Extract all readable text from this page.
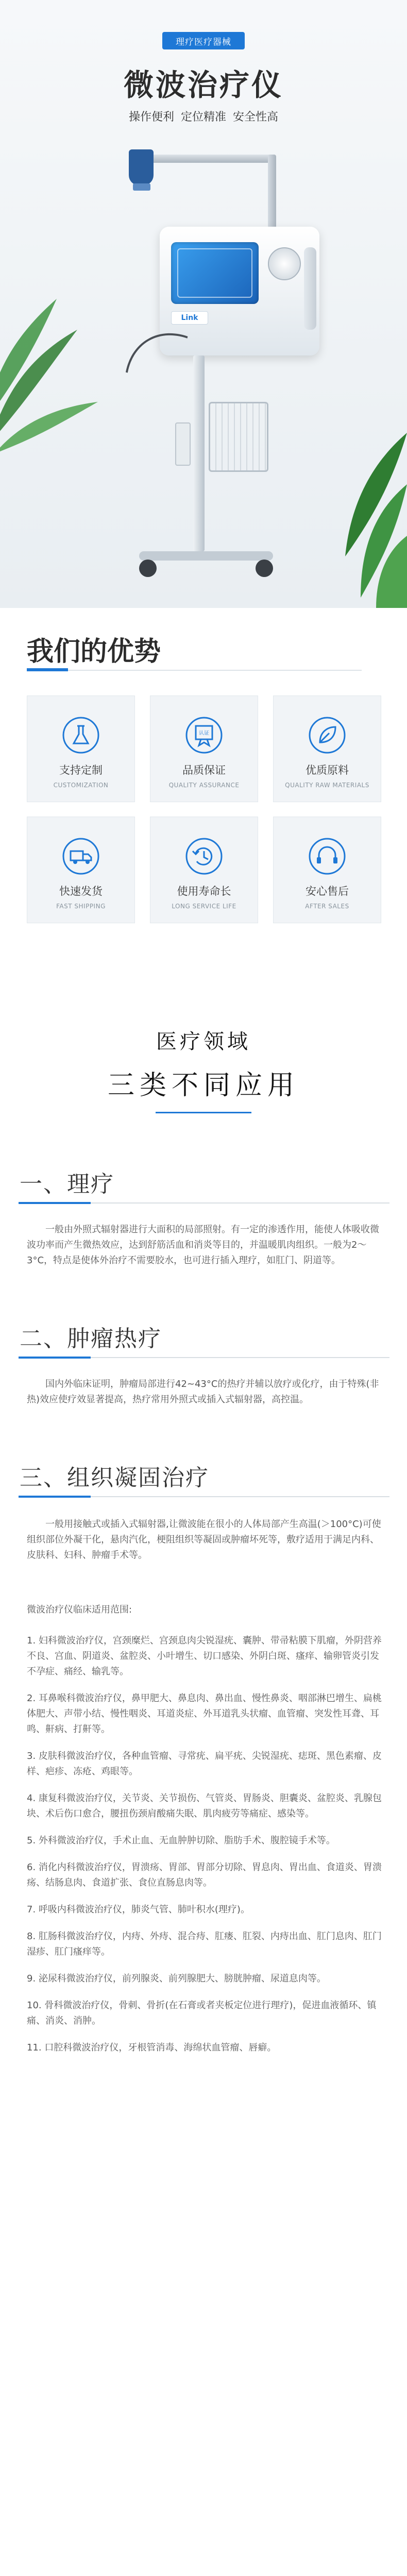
理疗医疗器械
微波治疗仪
操作便利 定位精准 安全性高
Link
我们的优势
支持定制
CUSTOMIZATION
认证
品质保证
QUALITY ASSURANCE
优质原料
QUALITY RAW MATERIALS
快速发货
FAST SHIPPING
使用寿命长
LONG SERVICE LIFE
安心售后
AFTER SALES
医疗领域
三类不同应用
一、理疗
一般由外照式辐射器进行大面积的局部照射。有一定的渗透作用，能使人体吸收微波功率而产生微热效应，达到舒筋活血和消炎等目的，并温暖肌肉组织。一般为2～3°C，特点是使体外治疗不需要胶水，也可进行插入理疗，如肛门、阴道等。
二、肿瘤热疗
国内外临床证明，肿瘤局部进行42~43°C的热疗并辅以放疗或化疗，由于特殊(非热)效应使疗效显著提高，热疗常用外照式或插入式辐射器，高控温。
三、组织凝固治疗
一般用接触式或插入式辐射器,让微波能在很小的人体局部产生高温(＞100°C)可使组织部位外凝干化，悬肉汽化，梗阻组织等凝固或肿瘤坏死等，敷疗适用于满足内科、皮肤科、妇科、肿瘤手术等。
微波治疗仪临床适用范围:
1. 妇科微波治疗仪，宫颈糜烂、宫颈息肉尖锐湿疣、囊肿、带帚粘膜下肌瘤，外阴营养不良、宫血、阴道炎、盆腔炎、小叶增生、切口感染、外阴白斑、瘙痒、输卵管炎引发不孕症、痛经、输乳等。
2. 耳鼻喉科微波治疗仪，鼻甲肥大、鼻息肉、鼻出血、慢性鼻炎、咽部淋巴增生、扁桃体肥大、声带小结、慢性咽炎、耳道炎症、外耳道乳头状瘤、血管瘤、突发性耳聋、耳鸣、鼾病、打鼾等。
3. 皮肤科微波治疗仪，各种血管瘤、寻常疣、扁平疣、尖锐湿疣、痣斑、黑色素瘤、皮样、疤疹、冻疮、鸡眼等。
4. 康复科微波治疗仪，关节炎、关节损伤、气管炎、胃肠炎、胆囊炎、盆腔炎、乳腺包块、术后伤口愈合，腰扭伤颈肩酸痛失眠、肌肉疲劳等痛症、感染等。
5. 外科微波治疗仪，手术止血、无血肿肿切除、脂肪手术、腹腔镜手术等。
6. 消化内科微波治疗仪，胃溃疡、胃部、胃部分切除、胃息肉、胃出血、食道炎、胃溃疡、结肠息肉、食道扩张、食位直肠息肉等。
7. 呼吸内科微波治疗仪，肺炎气管、肺叶积水(理疗)。
8. 肛肠科微波治疗仪，内痔、外痔、混合痔、肛瘘、肛裂、内痔出血、肛门息肉、肛门湿疹、肛门瘙痒等。
9. 泌尿科微波治疗仪，前列腺炎、前列腺肥大、膀胱肿瘤、尿道息肉等。
10. 骨科微波治疗仪，骨刺、骨折(在石膏或者夹板定位进行理疗)，促进血液循环、镇痛、消炎、消肿。
11. 口腔科微波治疗仪，牙根管消毒、海绵状血管瘤、唇癖。
